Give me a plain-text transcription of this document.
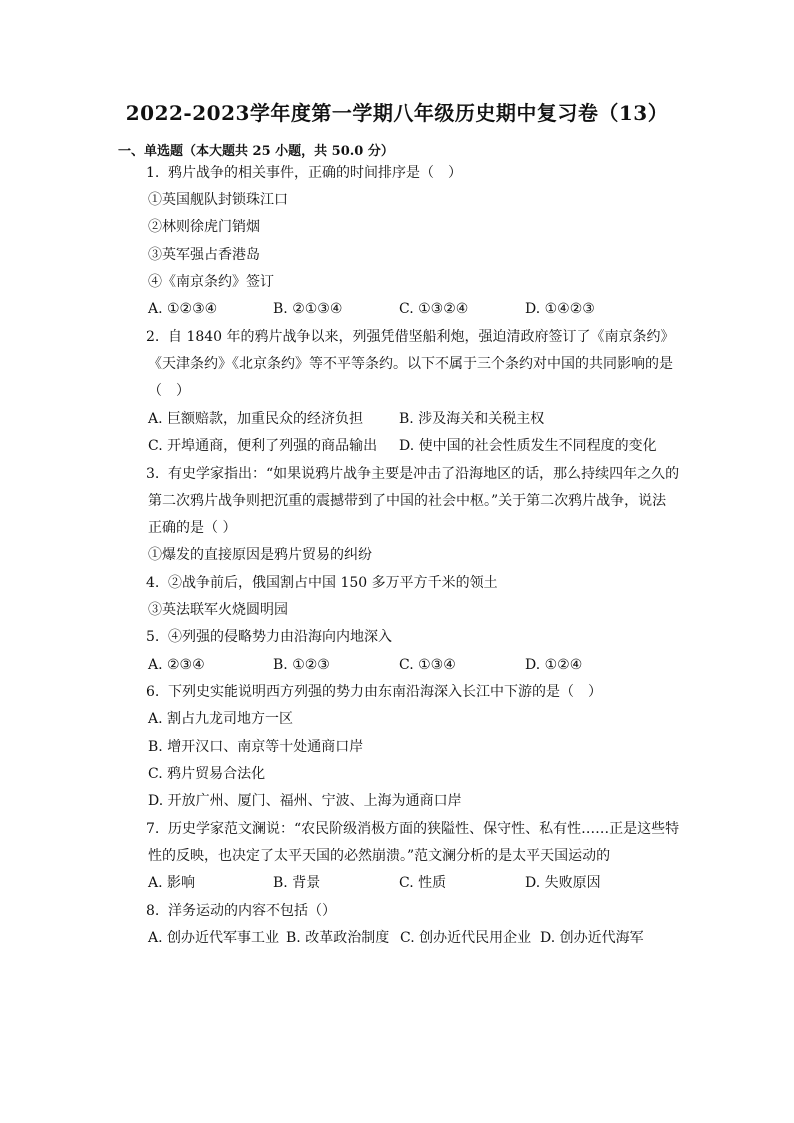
2022-2023学年度第一学期八年级历史期中复习卷（13）
一、单选题（本大题共 25 小题，共 50.0 分）
1. 鸦片战争的相关事件，正确的时间排序是（　）
①英国舰队封锁珠江口
②林则徐虎门销烟
③英军强占香港岛
④《南京条约》签订
A. ①②③④	B. ②①③④	C. ①③②④	D. ①④②③
2. 自 1840 年的鸦片战争以来，列强凭借坚船利炮，强迫清政府签订了《南京条约》
《天津条约》《北京条约》等不平等条约。以下不属于三个条约对中国的共同影响的是
（　）
A. 巨额赔款，加重民众的经济负担	B. 涉及海关和关税主权
C. 开埠通商，便利了列强的商品输出 D. 使中国的社会性质发生不同程度的变化
3. 有史学家指出：“如果说鸦片战争主要是冲击了沿海地区的话，那么持续四年之久的
第二次鸦片战争则把沉重的震撼带到了中国的社会中枢。”关于第二次鸦片战争，说法
正确的是（ ）
①爆发的直接原因是鸦片贸易的纠纷
4. ②战争前后，俄国割占中国 150 多万平方千米的领土
③英法联军火烧圆明园
5. ④列强的侵略势力由沿海向内地深入
A. ②③④	B. ①②③	C. ①③④	D. ①②④
6. 下列史实能说明西方列强的势力由东南沿海深入长江中下游的是（　）
A. 割占九龙司地方一区
B. 增开汉口、南京等十处通商口岸
C. 鸦片贸易合法化
D. 开放广州、厦门、福州、宁波、上海为通商口岸
7. 历史学家范文澜说：“农民阶级消极方面的狭隘性、保守性、私有性……正是这些特
性的反映，也决定了太平天国的必然崩溃。”范文澜分析的是太平天国运动的
A. 影响	B. 背景	C. 性质	D. 失败原因
8. 洋务运动的内容不包括（）
A. 创办近代军事工业 B. 改革政治制度 C. 创办近代民用企业 D. 创办近代海军
